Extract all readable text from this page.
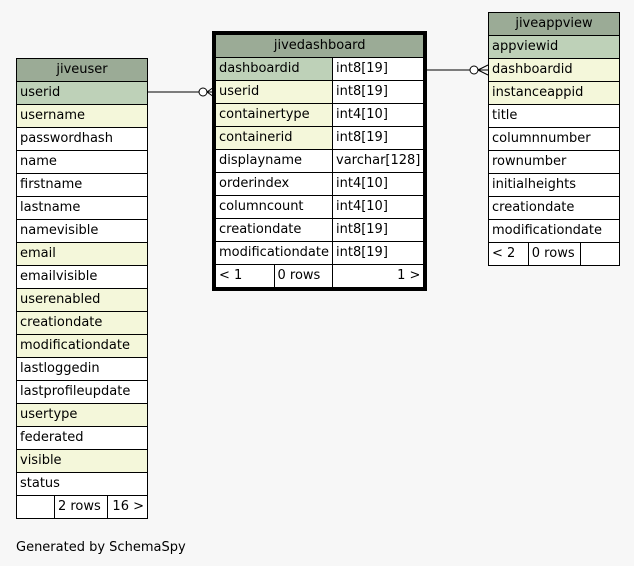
jiveuser
userid
username
passwordhash
name
firstname
lastname
namevisible
email
emailvisible
userenabled
creationdate
modificationdate
lastloggedin
lastprofileupdate
usertype
federated
visible
status
	2 rows	16 >
jivedashboard		
dashboardid		int8[19]
userid		int8[19]
containertype		int4[10]
containerid		int8[19]
displayname		varchar[128]
orderindex		int4[10]
columncount		int4[10]
creationdate		int8[19]
modificationdate		int8[19]
< 1	0 rows	1 >
jiveappview
appviewid
dashboardid
instanceappid
title
columnnumber
rownumber
initialheights
creationdate
modificationdate
< 2	0 rows	
Generated by SchemaSpy
